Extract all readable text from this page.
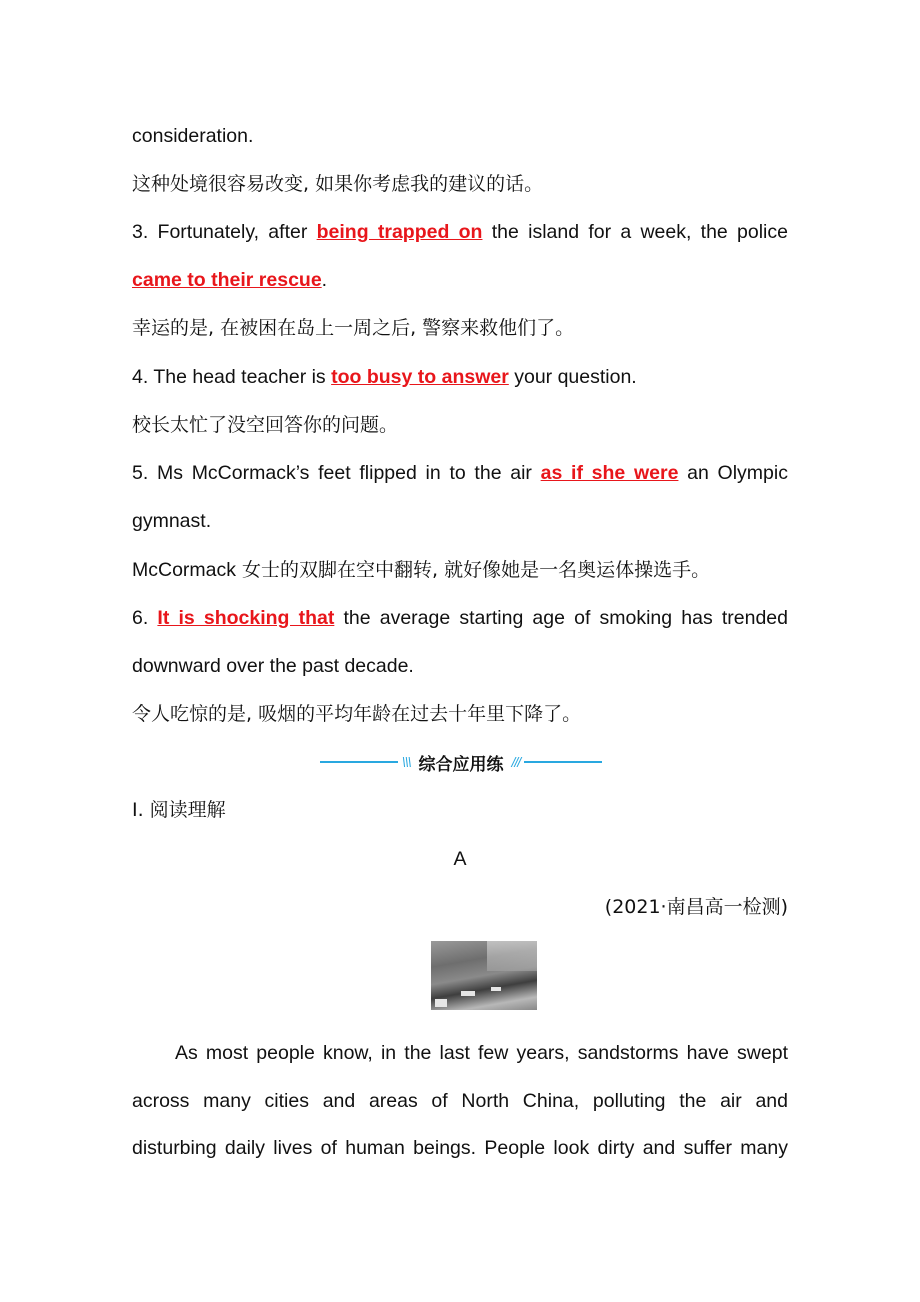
consideration.
这种处境很容易改变, 如果你考虑我的建议的话。
3. Fortunately, after being trapped on the island for a week, the police
came to their rescue.
幸运的是, 在被困在岛上一周之后, 警察来救他们了。
4. The head teacher is too busy to answer your question.
校长太忙了没空回答你的问题。
5. Ms McCormack’s feet flipped in to the air as if she were an Olympic
gymnast.
McCormack 女士的双脚在空中翻转, 就好像她是一名奥运体操选手。
6. It is shocking that the average starting age of smoking has trended
downward over the past decade.
令人吃惊的是, 吸烟的平均年龄在过去十年里下降了。
\\\ 综合应用练 ///
Ⅰ. 阅读理解
A
(2021·南昌高一检测)
As most people know, in the last few years, sandstorms have swept
across many cities and areas of North China, polluting the air and
disturbing daily lives of human beings. People look dirty and suffer many
